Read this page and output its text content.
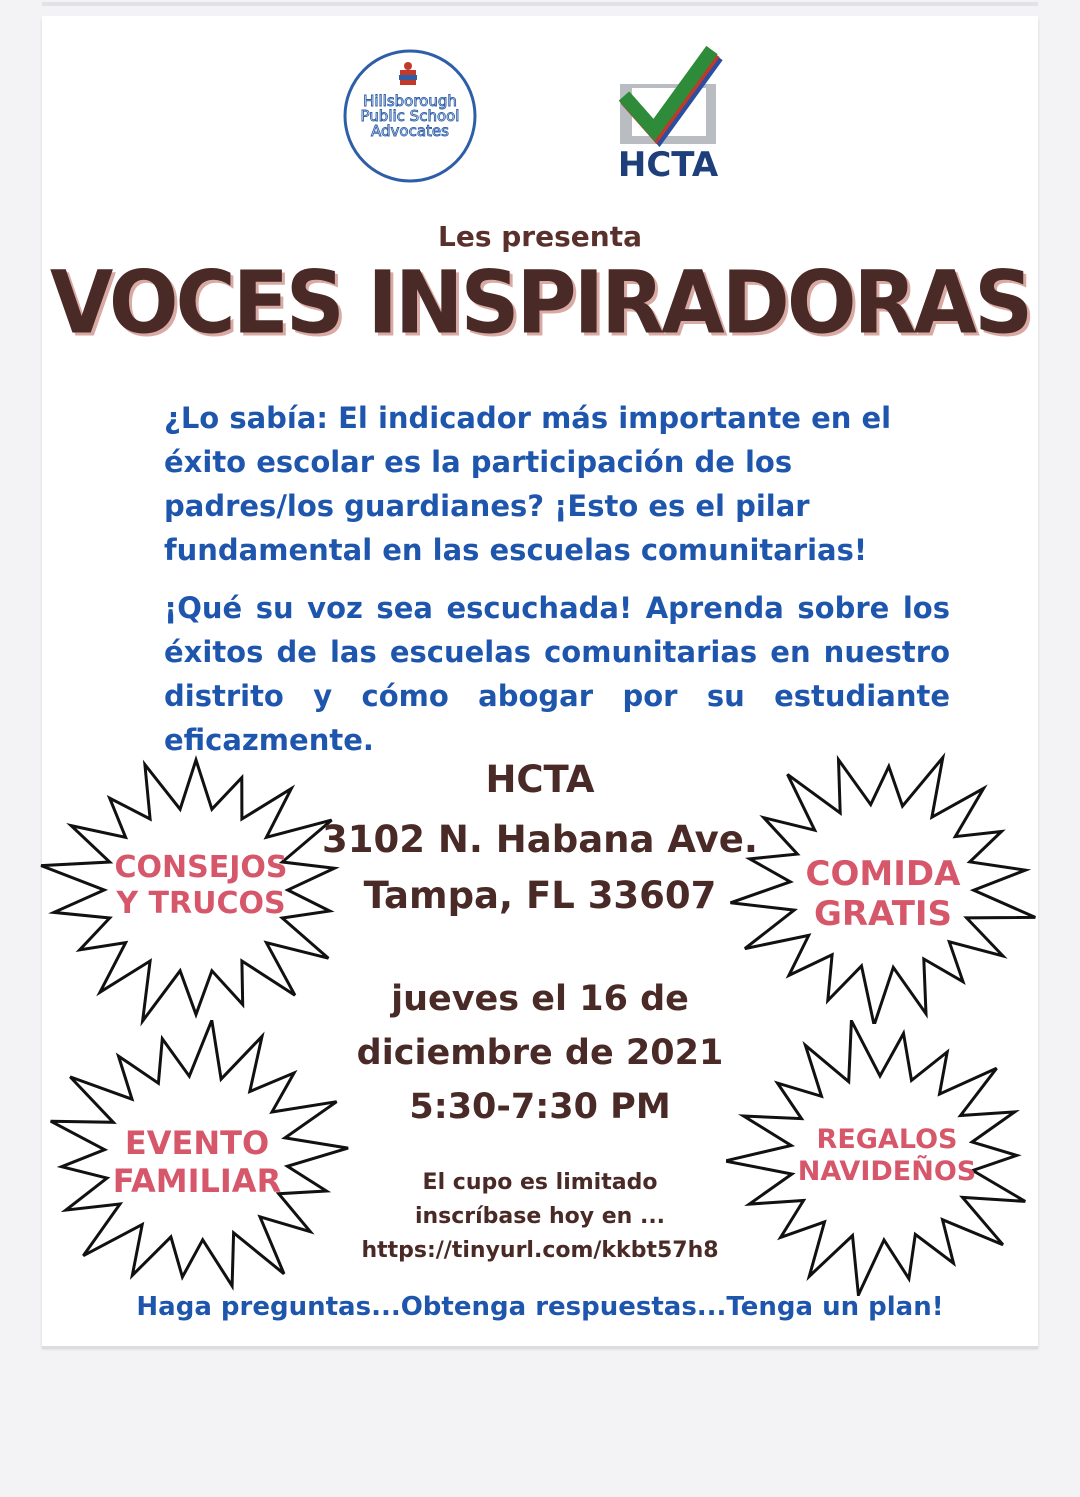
Hillsborough
Public School
Advocates
HCTA
Les presenta
VOCES INSPIRADORAS
¿Lo sabía: El indicador más importante en el éxito escolar es la participación de los padres/los guardianes? ¡Esto es el pilar fundamental en las escuelas comunitarias!
¡Qué su voz sea escuchada! Aprenda sobre los éxitos de las escuelas comunitarias en nuestro distrito y cómo abogar por su estudiante eficazmente.
CONSEJOS
Y TRUCOS
COMIDA
GRATIS
EVENTO
FAMILIAR
REGALOS
NAVIDEÑOS
HCTA
3102 N. Habana Ave.
Tampa, FL 33607
jueves el 16 de
diciembre de 2021
5:30-7:30 PM
El cupo es limitado
inscríbase hoy en ...
https://tinyurl.com/kkbt57h8
Haga preguntas...Obtenga respuestas...Tenga un plan!
